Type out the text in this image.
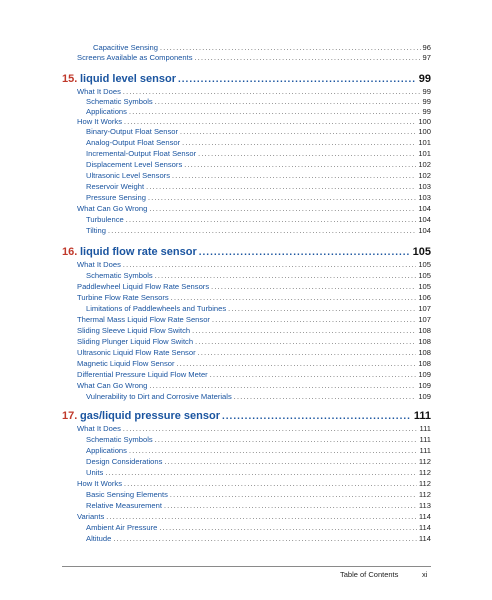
Capacitive Sensing .....	96
Screens Available as Components .....	97
15. liquid level sensor .....	99
What It Does .....	99
Schematic Symbols .....	99
Applications .....	99
How It Works .....	100
Binary-Output Float Sensor .....	100
Analog-Output Float Sensor .....	101
Incremental-Output Float Sensor .....	101
Displacement Level Sensors .....	102
Ultrasonic Level Sensors .....	102
Reservoir Weight .....	103
Pressure Sensing .....	103
What Can Go Wrong .....	104
Turbulence .....	104
Tilting .....	104
16. liquid flow rate sensor .....	105
What It Does .....	105
Schematic Symbols .....	105
Paddlewheel Liquid Flow Rate Sensors .....	105
Turbine Flow Rate Sensors .....	106
Limitations of Paddlewheels and Turbines .....	107
Thermal Mass Liquid Flow Rate Sensor .....	107
Sliding Sleeve Liquid Flow Switch .....	108
Sliding Plunger Liquid Flow Switch .....	108
Ultrasonic Liquid Flow Rate Sensor .....	108
Magnetic Liquid Flow Sensor .....	108
Differential Pressure Liquid Flow Meter .....	109
What Can Go Wrong .....	109
Vulnerability to Dirt and Corrosive Materials .....	109
17. gas/liquid pressure sensor .....	111
What It Does .....	111
Schematic Symbols .....	111
Applications .....	111
Design Considerations .....	112
Units .....	112
How It Works .....	112
Basic Sensing Elements .....	112
Relative Measurement .....	113
Variants .....	114
Ambient Air Pressure .....	114
Altitude .....	114
Table of Contents	xi
